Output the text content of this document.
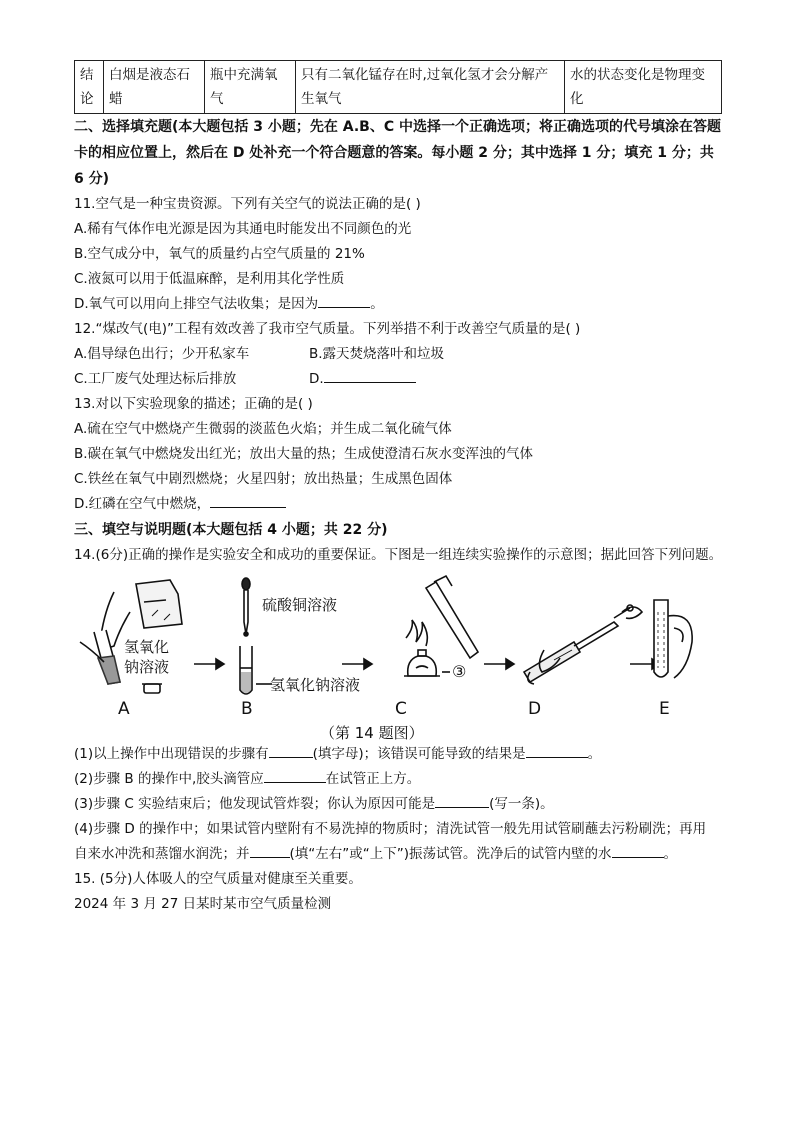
结论	白烟是液态石蜡	瓶中充满氧气	只有二氧化锰存在时,过氧化氢才会分解产生氧气	水的状态变化是物理变化
二、选择填充题(本大题包括 3 小题；先在 A.B、C 中选择一个正确选项；将正确选项的代号填涂在答题卡的相应位置上，然后在 D 处补充一个符合题意的答案。每小题 2 分；其中选择 1 分；填充 1 分；共 6 分)
11.空气是一种宝贵资源。下列有关空气的说法正确的是( )
A.稀有气体作电光源是因为其通电时能发出不同颜色的光
B.空气成分中，氧气的质量约占空气质量的 21%
C.液氮可以用于低温麻醉，是利用其化学性质
D.氧气可以用向上排空气法收集；是因为	。
12.“煤改气(电)”工程有效改善了我市空气质量。下列举措不利于改善空气质量的是( )
A.倡导绿色出行；少开私家车	B.露天焚烧落叶和垃圾
C.工厂废气处理达标后排放	D.
13.对以下实验现象的描述；正确的是( )
A.硫在空气中燃烧产生微弱的淡蓝色火焰；并生成二氧化硫气体
B.碳在氧气中燃烧发出红光；放出大量的热；生成使澄清石灰水变浑浊的气体
C.铁丝在氧气中剧烈燃烧；火星四射；放出热量；生成黑色固体
D.红磷在空气中燃烧，
三、填空与说明题(本大题包括 4 小题；共 22 分)
14.(6分)正确的操作是实验安全和成功的重要保证。下图是一组连续实验操作的示意图；据此回答下列问题。
氢氧化
钠溶液
硫酸铜溶液
氢氧化钠溶液
③
A	B	C	D	E
（第 14 题图）
(1)以上操作中出现错误的步骤有	(填字母)；该错误可能导致的结果是	。
(2)步骤 B 的操作中,胶头滴管应	在试管正上方。
(3)步骤 C 实验结束后；他发现试管炸裂；你认为原因可能是	(写一条)。
(4)步骤 D 的操作中；如果试管内壁附有不易洗掉的物质时；清洗试管一般先用试管刷蘸去污粉刷洗；再用
自来水冲洗和蒸馏水润洗；并	(填“左右”或“上下”)振荡试管。洗净后的试管内壁的水	。
15. (5分)人体吸人的空气质量对健康至关重要。
2024 年 3 月 27 日某时某市空气质量检测
